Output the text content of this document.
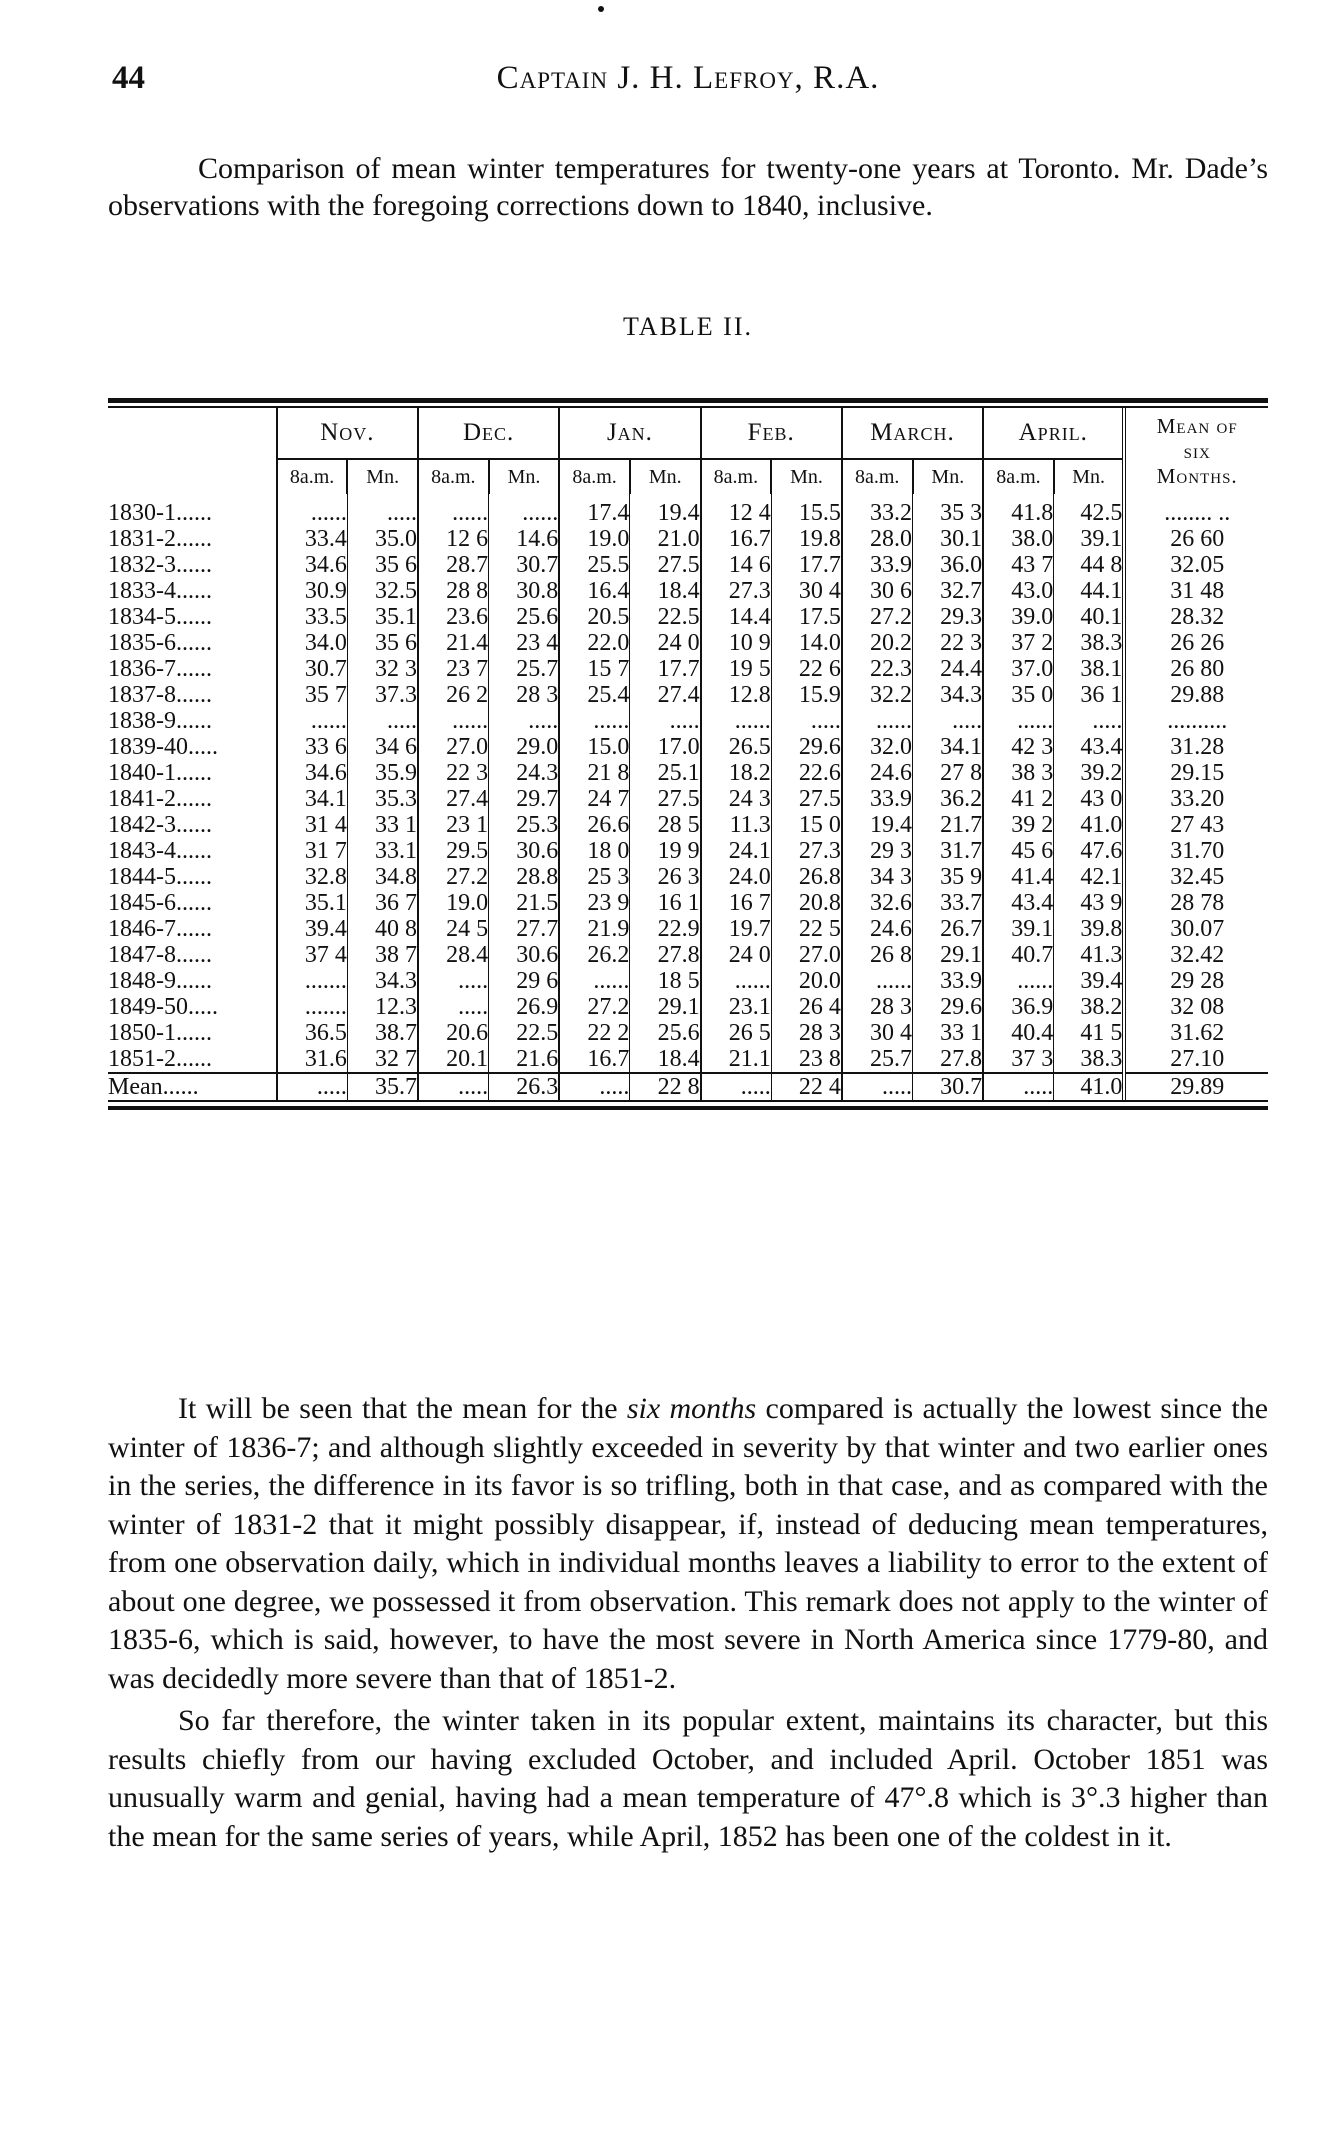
44	Captain J. H. Lefroy, R.A.
Comparison of mean winter temperatures for twenty-one years at Toronto. Mr. Dade’s observations with the foregoing corrections down to 1840, inclusive.
TABLE II.
	Nov.		Dec.		Jan.		Feb.		March.		April.		Mean of
six
Months.
	8a.m.	Mn.	8a.m.	Mn.	8a.m.	Mn.	8a.m.	Mn.	8a.m.	Mn.	8a.m.	Mn.	
1830-1......	......	.....	......	......	17.4	19.4	12 4	15.5	33.2	35 3	41.8	42.5	........ ..
1831-2......	33.4	35.0	12 6	14.6	19.0	21.0	16.7	19.8	28.0	30.1	38.0	39.1	26 60
1832-3......	34.6	35 6	28.7	30.7	25.5	27.5	14 6	17.7	33.9	36.0	43 7	44 8	32.05
1833-4......	30.9	32.5	28 8	30.8	16.4	18.4	27.3	30 4	30 6	32.7	43.0	44.1	31 48
1834-5......	33.5	35.1	23.6	25.6	20.5	22.5	14.4	17.5	27.2	29.3	39.0	40.1	28.32
1835-6......	34.0	35 6	21.4	23 4	22.0	24 0	10 9	14.0	20.2	22 3	37 2	38.3	26 26
1836-7......	30.7	32 3	23 7	25.7	15 7	17.7	19 5	22 6	22.3	24.4	37.0	38.1	26 80
1837-8......	35 7	37.3	26 2	28 3	25.4	27.4	12.8	15.9	32.2	34.3	35 0	36 1	29.88
1838-9......	......	.....	......	.....	......	.....	......	.....	......	.....	......	.....	..........
1839-40.....	33 6	34 6	27.0	29.0	15.0	17.0	26.5	29.6	32.0	34.1	42 3	43.4	31.28
1840-1......	34.6	35.9	22 3	24.3	21 8	25.1	18.2	22.6	24.6	27 8	38 3	39.2	29.15
1841-2......	34.1	35.3	27.4	29.7	24 7	27.5	24 3	27.5	33.9	36.2	41 2	43 0	33.20
1842-3......	31 4	33 1	23 1	25.3	26.6	28 5	11.3	15 0	19.4	21.7	39 2	41.0	27 43
1843-4......	31 7	33.1	29.5	30.6	18 0	19 9	24.1	27.3	29 3	31.7	45 6	47.6	31.70
1844-5......	32.8	34.8	27.2	28.8	25 3	26 3	24.0	26.8	34 3	35 9	41.4	42.1	32.45
1845-6......	35.1	36 7	19.0	21.5	23 9	16 1	16 7	20.8	32.6	33.7	43.4	43 9	28 78
1846-7......	39.4	40 8	24 5	27.7	21.9	22.9	19.7	22 5	24.6	26.7	39.1	39.8	30.07
1847-8......	37 4	38 7	28.4	30.6	26.2	27.8	24 0	27.0	26 8	29.1	40.7	41.3	32.42
1848-9......	.......	34.3	.....	29 6	......	18 5	......	20.0	......	33.9	......	39.4	29 28
1849-50.....	.......	12.3	.....	26.9	27.2	29.1	23.1	26 4	28 3	29.6	36.9	38.2	32 08
1850-1......	36.5	38.7	20.6	22.5	22 2	25.6	26 5	28 3	30 4	33 1	40.4	41 5	31.62
1851-2......	31.6	32 7	20.1	21.6	16.7	18.4	21.1	23 8	25.7	27.8	37 3	38.3	27.10
Mean......	.....	35.7	.....	26.3	.....	22 8	.....	22 4	.....	30.7	.....	41.0	29.89

It will be seen that the mean for the six months compared is actually the lowest since the winter of 1836-7; and although slightly exceeded in severity by that winter and two earlier ones in the series, the difference in its favor is so trifling, both in that case, and as compared with the winter of 1831-2 that it might possibly disappear, if, instead of deducing mean temperatures, from one observation daily, which in individual months leaves a liability to error to the extent of about one degree, we possessed it from observation. This remark does not apply to the winter of 1835-6, which is said, however, to have the most severe in North America since 1779-80, and was decidedly more severe than that of 1851-2.

So far therefore, the winter taken in its popular extent, maintains its character, but this results chiefly from our having excluded October, and included April. October 1851 was unusually warm and genial, having had a mean temperature of 47°.8 which is 3°.3 higher than the mean for the same series of years, while April, 1852 has been one of the coldest in it.
